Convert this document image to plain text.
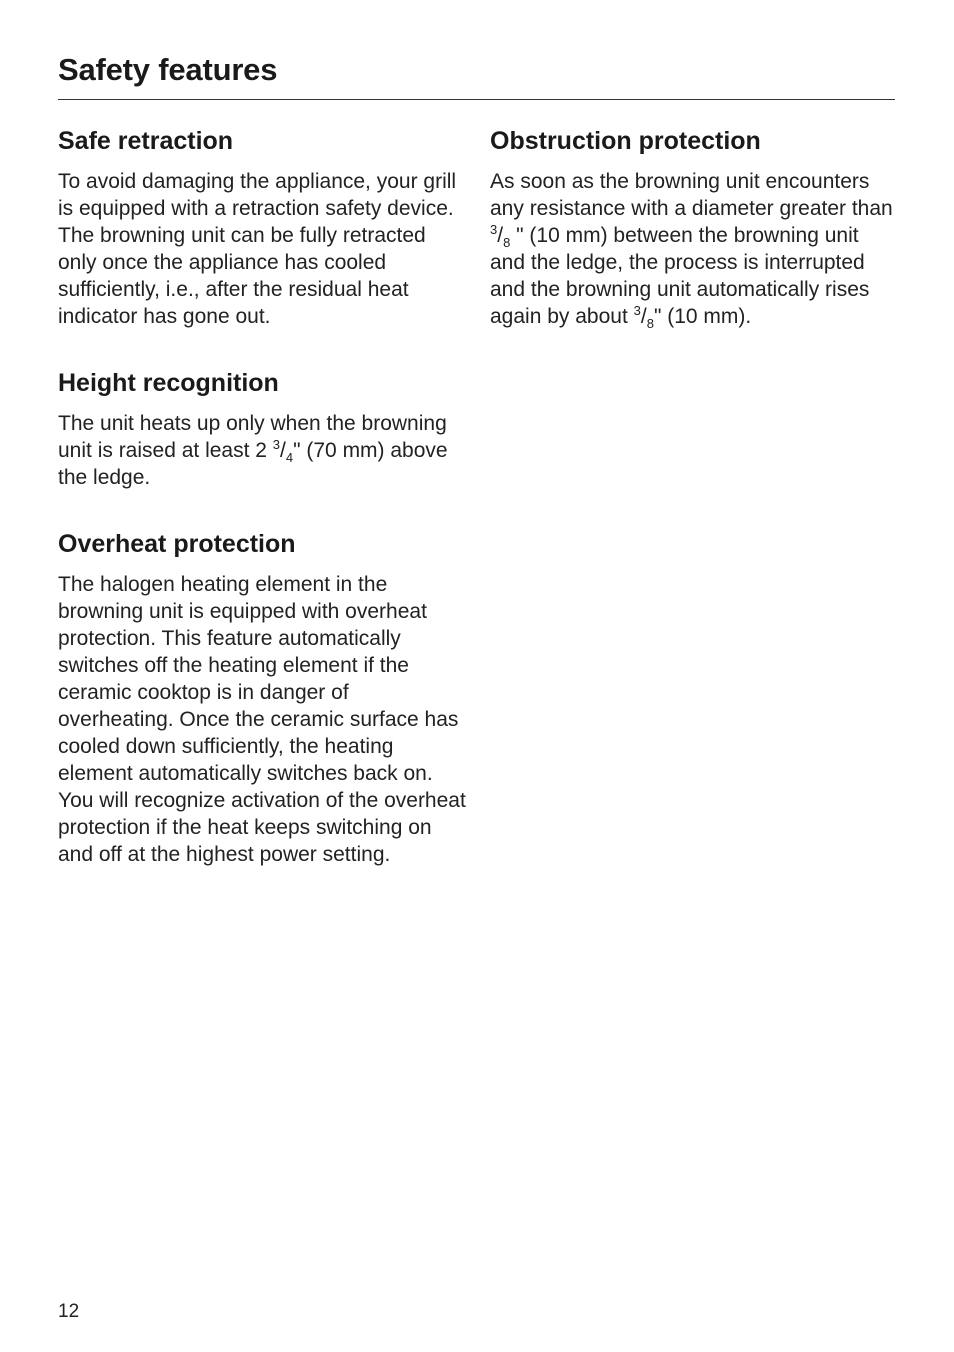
Safety features
Safe retraction

To avoid damaging the appliance, your grill is equipped with a retraction safety device. The browning unit can be fully retracted only once the appliance has cooled sufficiently, i.e., after the residual heat indicator has gone out.

Height recognition

The unit heats up only when the browning unit is raised at least 2 $^3/_4$" (70 mm) above the ledge.

Overheat protection

The halogen heating element in the browning unit is equipped with overheat protection. This feature automatically switches off the heating element if the ceramic cooktop is in danger of overheating. Once the ceramic surface has cooled down sufficiently, the heating element automatically switches back on. You will recognize activation of the overheat protection if the heat keeps switching on and off at the highest power setting.

Obstruction protection

As soon as the browning unit encounters any resistance with a diameter greater than $^3/_8$ " (10 mm) between the browning unit and the ledge, the process is interrupted and the browning unit automatically rises again by about $^3/_8$" (10 mm).

12
